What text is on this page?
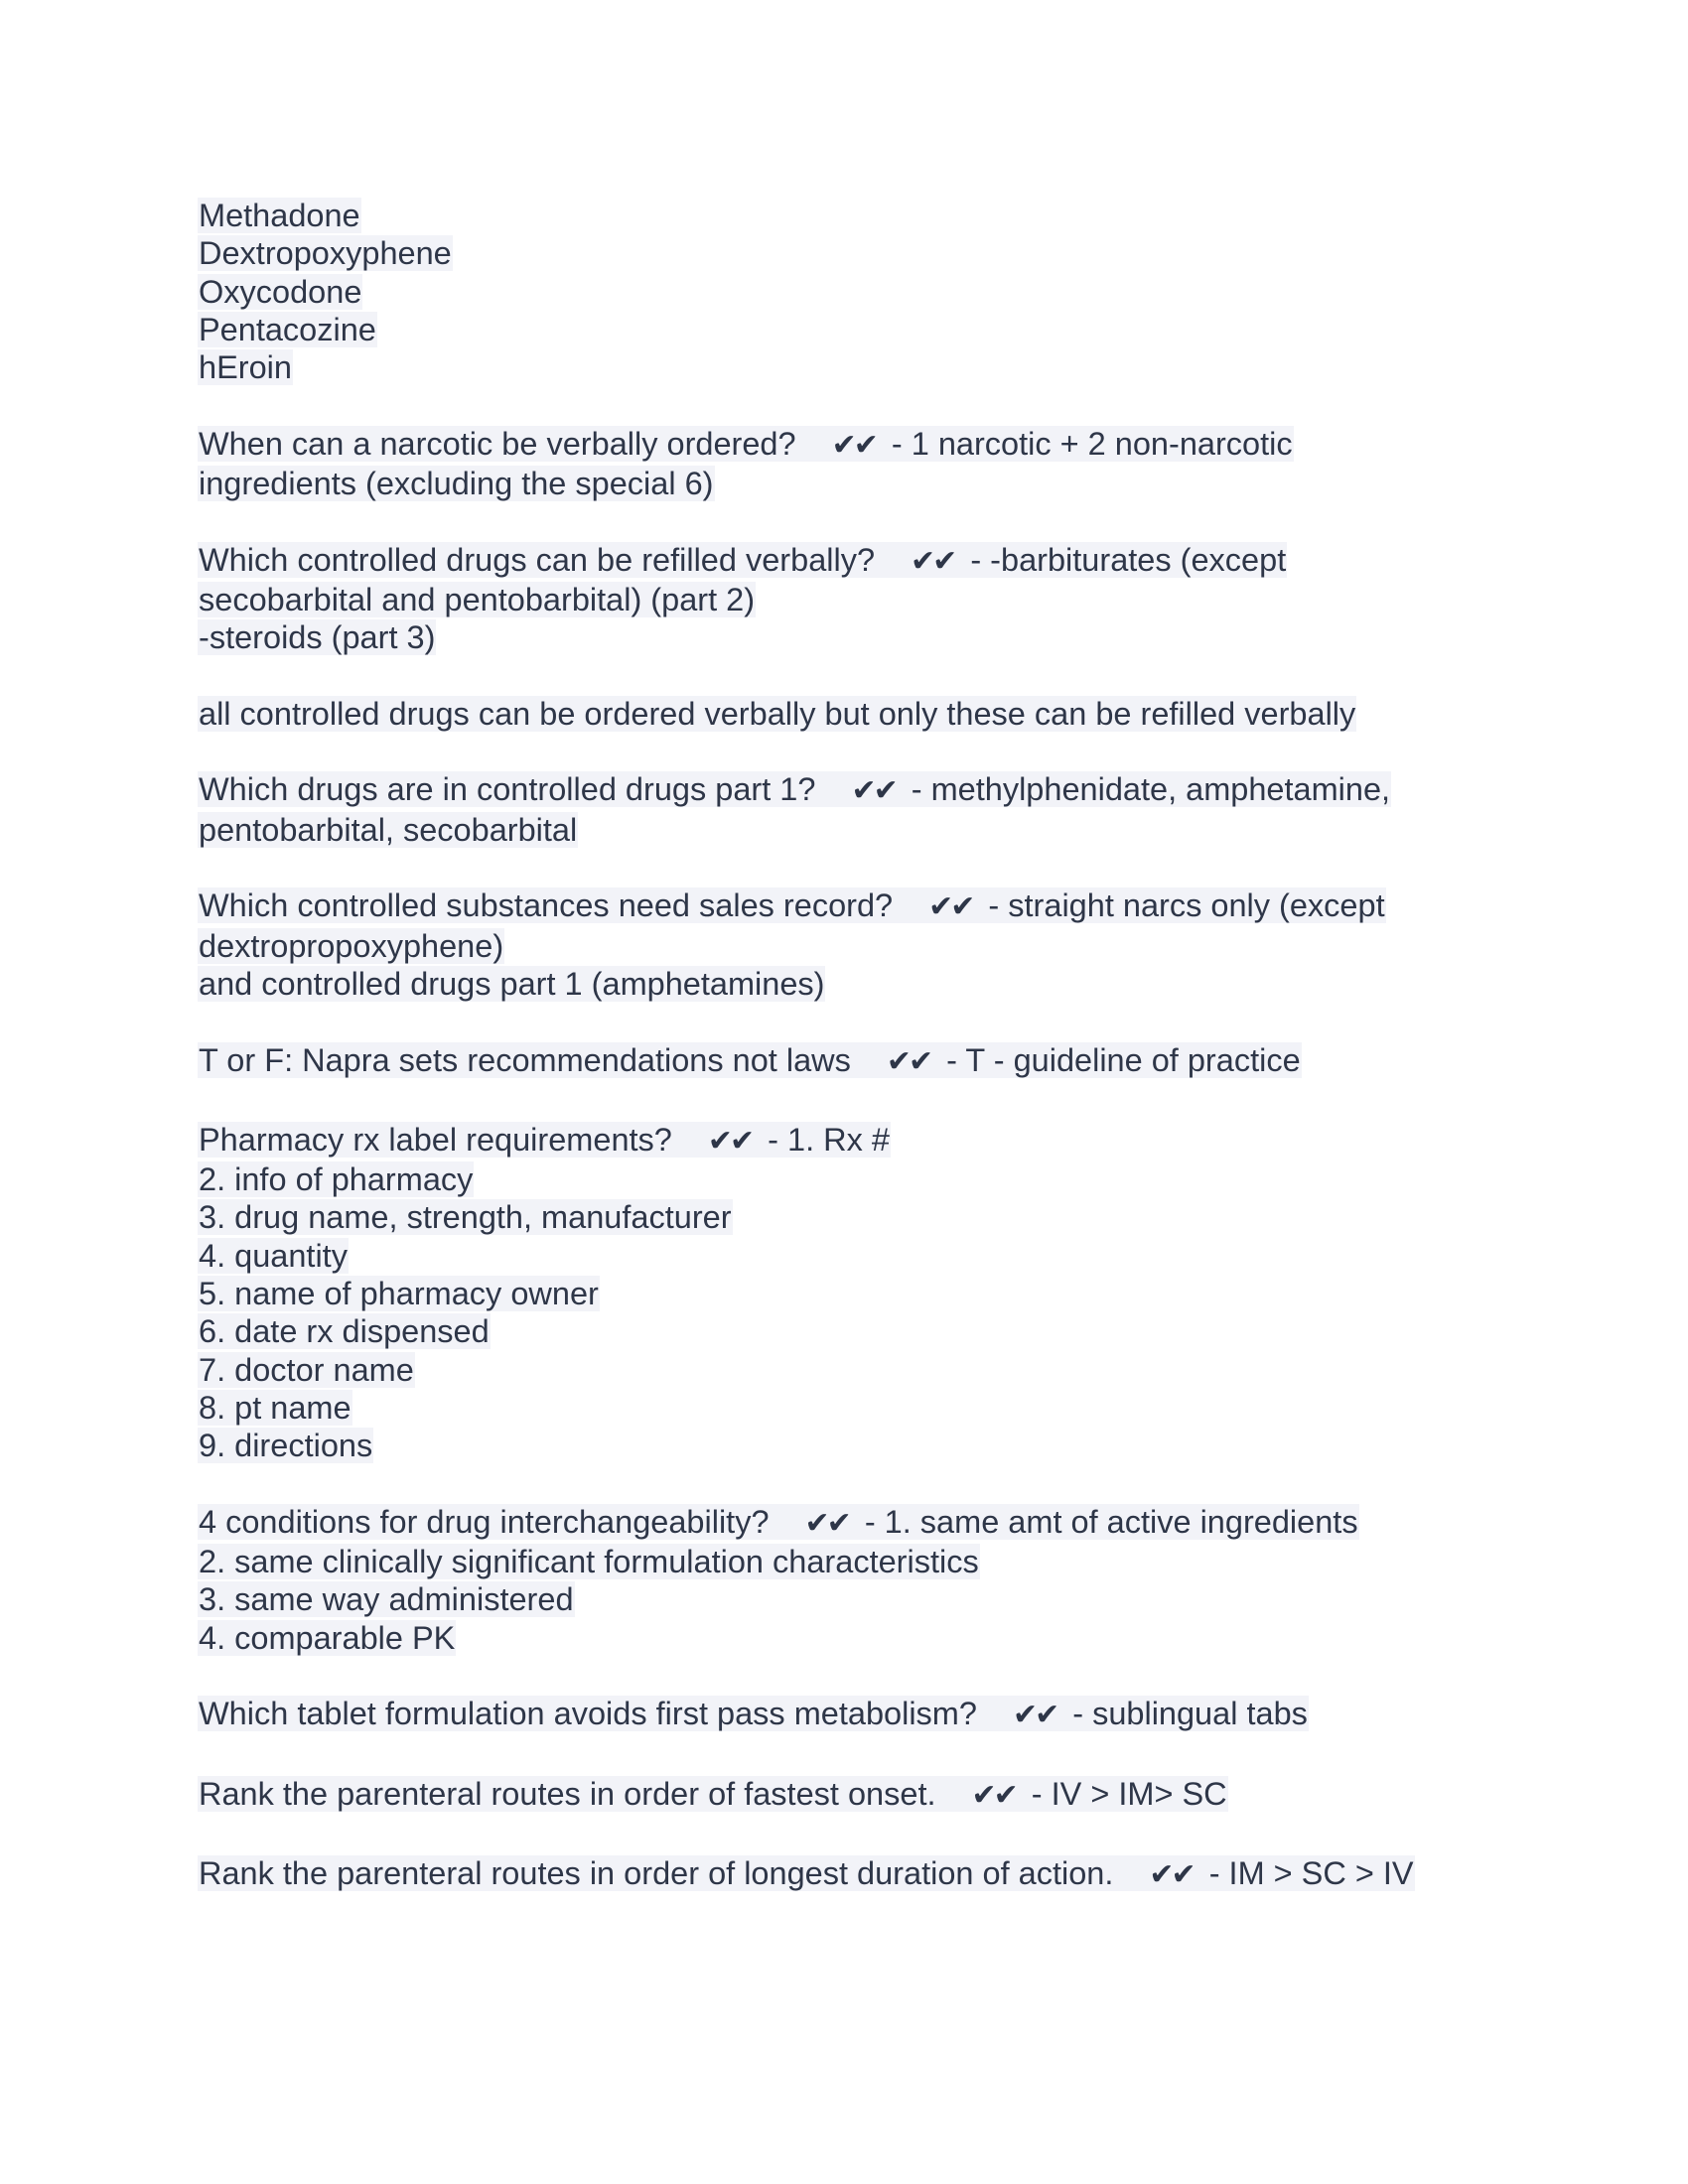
Methadone
Dextropoxyphene
Oxycodone
Pentacozine
hEroin
When can a narcotic be verbally ordered? ✔✔ - 1 narcotic + 2 non-narcotic
ingredients (excluding the special 6)
Which controlled drugs can be refilled verbally? ✔✔ - -barbiturates (except
secobarbital and pentobarbital) (part 2)
-steroids (part 3)
all controlled drugs can be ordered verbally but only these can be refilled verbally
Which drugs are in controlled drugs part 1? ✔✔ - methylphenidate, amphetamine,
pentobarbital, secobarbital
Which controlled substances need sales record? ✔✔ - straight narcs only (except
dextropropoxyphene)
and controlled drugs part 1 (amphetamines)
T or F: Napra sets recommendations not laws ✔✔ - T - guideline of practice
Pharmacy rx label requirements? ✔✔ - 1. Rx #
2. info of pharmacy
3. drug name, strength, manufacturer
4. quantity
5. name of pharmacy owner
6. date rx dispensed
7. doctor name
8. pt name
9. directions
4 conditions for drug interchangeability? ✔✔ - 1. same amt of active ingredients
2. same clinically significant formulation characteristics
3. same way administered
4. comparable PK
Which tablet formulation avoids first pass metabolism? ✔✔ - sublingual tabs
Rank the parenteral routes in order of fastest onset. ✔✔ - IV > IM> SC
Rank the parenteral routes in order of longest duration of action. ✔✔ - IM > SC > IV
